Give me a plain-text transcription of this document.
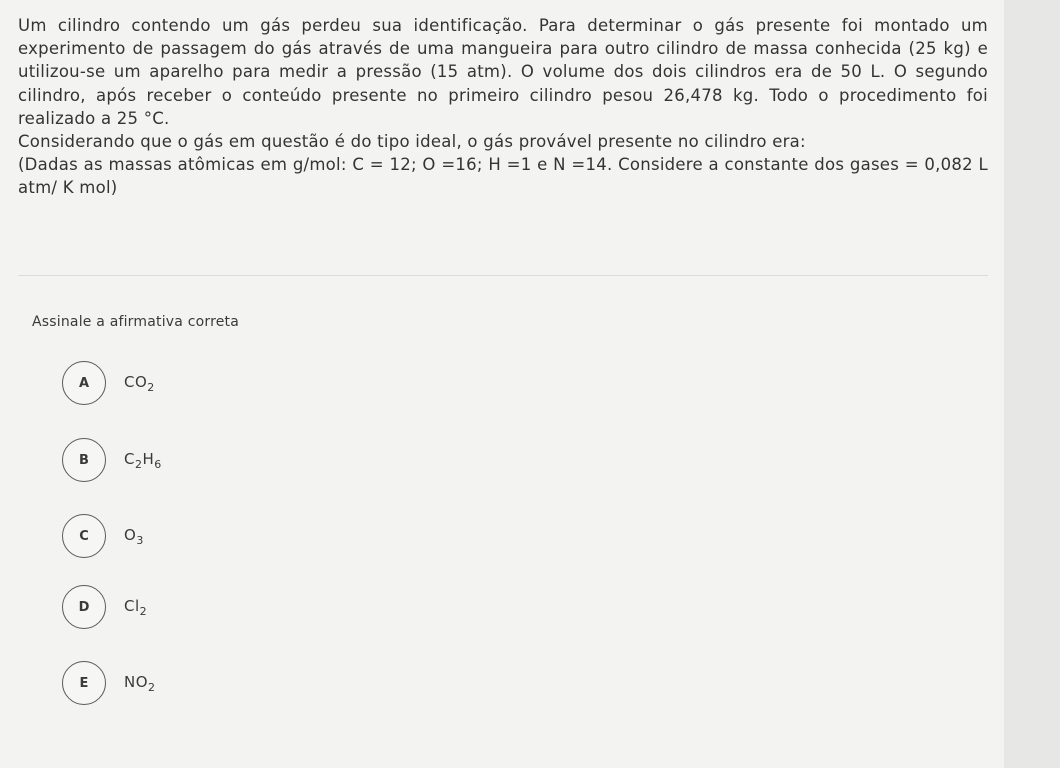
Um cilindro contendo um gás perdeu sua identificação. Para determinar o gás presente foi montado um experimento de passagem do gás através de uma mangueira para outro cilindro de massa conhecida (25 kg) e utilizou-se um aparelho para medir a pressão (15 atm). O volume dos dois cilindros era de 50 L. O segundo cilindro, após receber o conteúdo presente no primeiro cilindro pesou 26,478 kg. Todo o procedimento foi realizado a 25 °C.

Considerando que o gás em questão é do tipo ideal, o gás provável presente no cilindro era:

(Dadas as massas atômicas em g/mol: C = 12; O =16; H =1 e N =14. Considere a constante dos gases = 0,082 L atm/ K mol)

Assinale a afirmativa correta
A	$CO_2$
B	$C_2H_6$
C	$O_3$
D	$Cl_2$
E	$NO_2$
